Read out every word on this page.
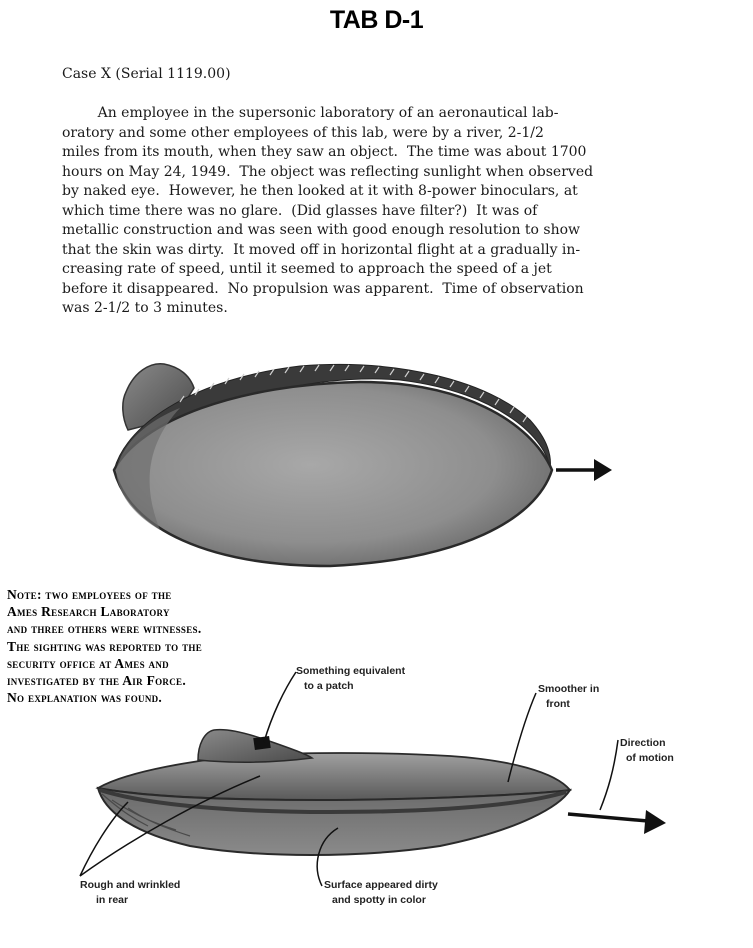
TAB D-1
Case X (Serial 1119.00)
An employee in the supersonic laboratory of an aeronautical lab-
oratory and some other employees of this lab, were by a river, 2-1/2
miles from its mouth, when they saw an object.  The time was about 1700
hours on May 24, 1949.  The object was reflecting sunlight when observed
by naked eye.  However, he then looked at it with 8-power binoculars, at
which time there was no glare.  (Did glasses have filter?)  It was of
metallic construction and was seen with good enough resolution to show
that the skin was dirty.  It moved off in horizontal flight at a gradually in-
creasing rate of speed, until it seemed to approach the speed of a jet
before it disappeared.  No propulsion was apparent.  Time of observation
was 2-1/2 to 3 minutes.
Note: two employees of the
Ames Research Laboratory
and three others were witnesses.
The sighting was reported to the
security office at Ames and
investigated by the Air Force.
No explanation was found.
Something equivalent
to a patch	Smoother in
front
Direction
of motion
Rough and wrinkled
in rear
Surface appeared dirty
and spotty in color
